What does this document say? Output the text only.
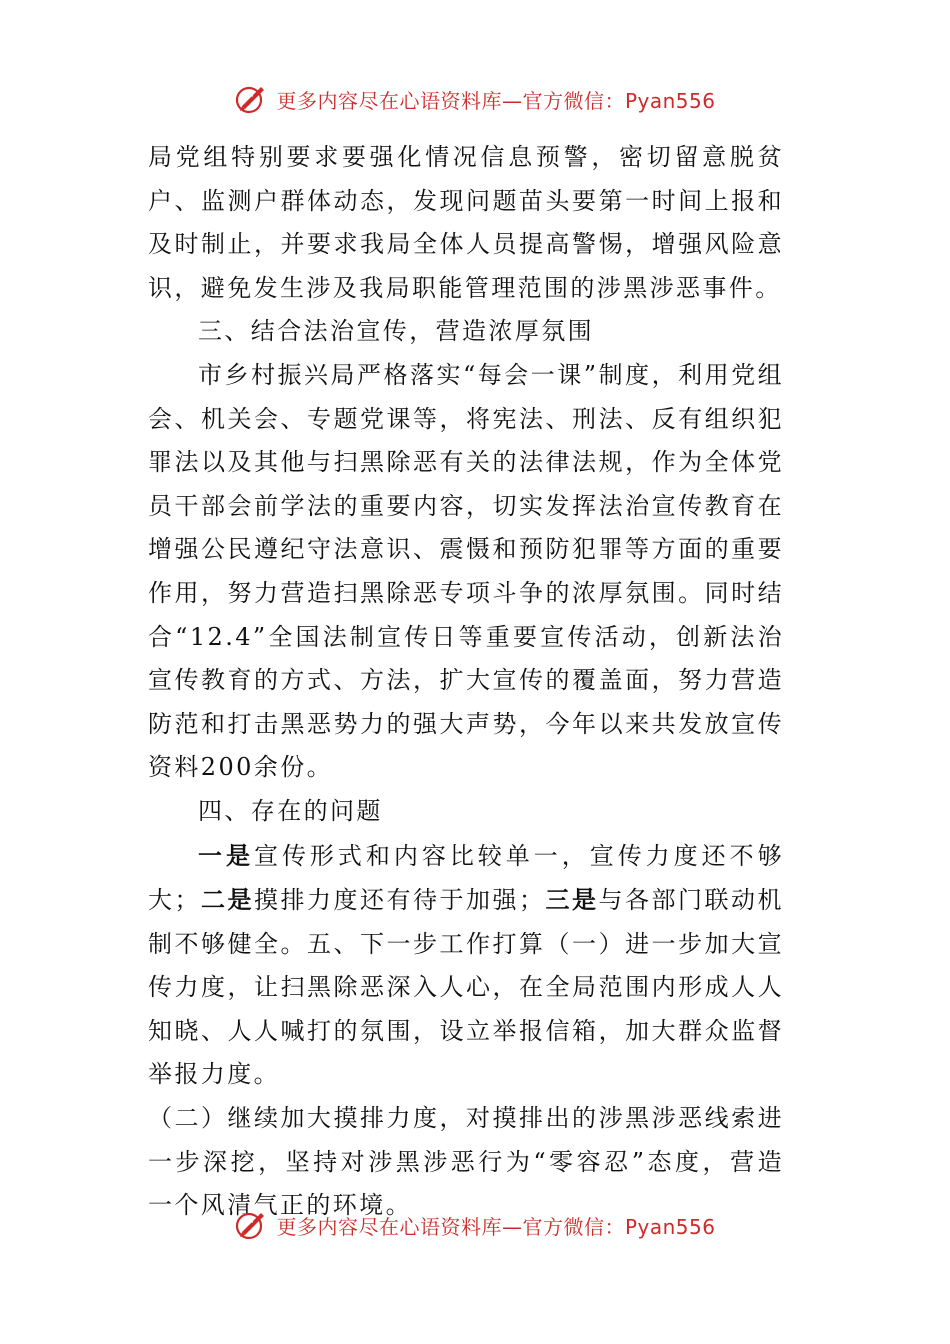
更多内容尽在心语资料库—官方微信：Pyan556

局党组特别要求要强化情况信息预警，密切留意脱贫户、监测户群体动态，发现问题苗头要第一时间上报和及时制止，并要求我局全体人员提高警惕，增强风险意识，避免发生涉及我局职能管理范围的涉黑涉恶事件。

三、结合法治宣传，营造浓厚氛围

市乡村振兴局严格落实“每会一课”制度，利用党组会、机关会、专题党课等，将宪法、刑法、反有组织犯罪法以及其他与扫黑除恶有关的法律法规，作为全体党员干部会前学法的重要内容，切实发挥法治宣传教育在增强公民遵纪守法意识、震慑和预防犯罪等方面的重要作用，努力营造扫黑除恶专项斗争的浓厚氛围。同时结合“12.4”全国法制宣传日等重要宣传活动，创新法治宣传教育的方式、方法，扩大宣传的覆盖面，努力营造防范和打击黑恶势力的强大声势，今年以来共发放宣传资料200余份。

四、存在的问题

一是宣传形式和内容比较单一，宣传力度还不够大；二是摸排力度还有待于加强；三是与各部门联动机制不够健全。五、下一步工作打算（一）进一步加大宣传力度，让扫黑除恶深入人心，在全局范围内形成人人知晓、人人喊打的氛围，设立举报信箱，加大群众监督举报力度。

（二）继续加大摸排力度，对摸排出的涉黑涉恶线索进一步深挖，坚持对涉黑涉恶行为“零容忍”态度，营造一个风清气正的环境。

更多内容尽在心语资料库—官方微信：Pyan556
